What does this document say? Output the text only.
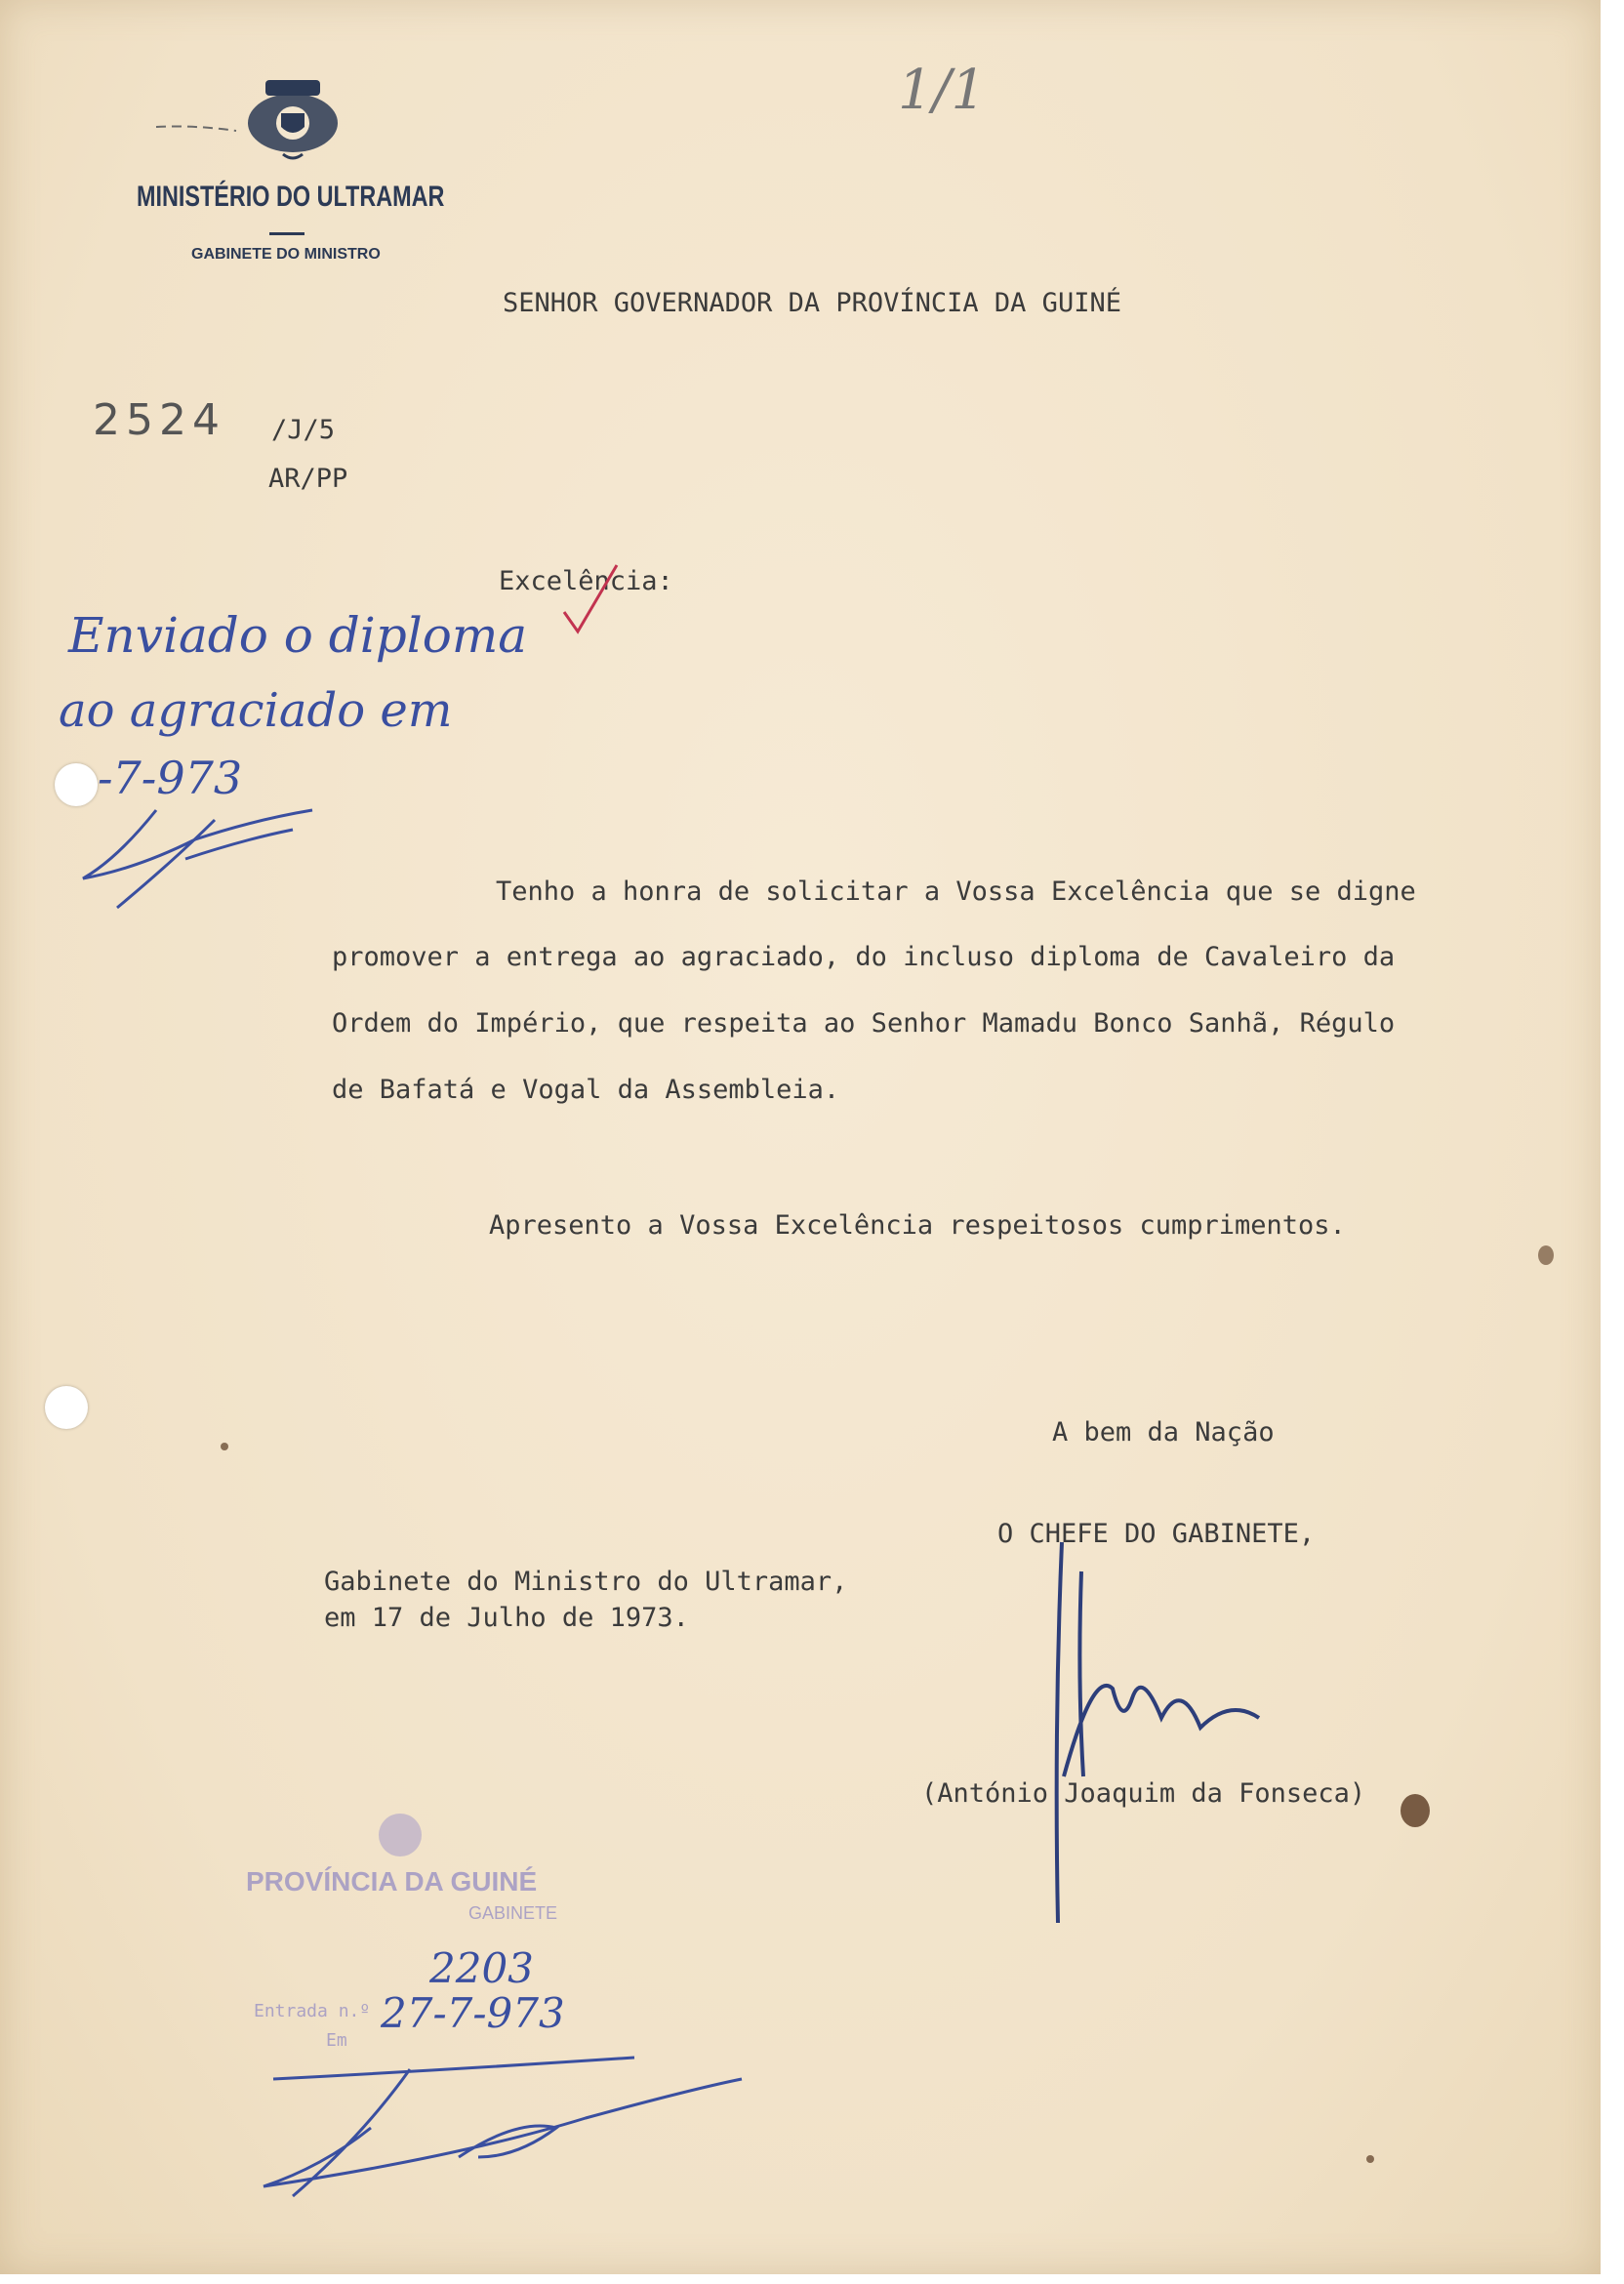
MINISTÉRIO DO ULTRAMAR
GABINETE DO MINISTRO
1/1
SENHOR GOVERNADOR DA PROVÍNCIA DA GUINÉ
2524 /J/5
AR/PP
Excelência:
Enviado o diploma
ao agraciado em
-7-973
Tenho a honra de solicitar a Vossa Excelência que se digne
promover a entrega ao agraciado, do incluso diploma de Cavaleiro da
Ordem do Império, que respeita ao Senhor Mamadu Bonco Sanhã, Régulo
de Bafatá e Vogal da Assembleia.
Apresento a Vossa Excelência respeitosos cumprimentos.
A bem da Nação
O CHEFE DO GABINETE,
Gabinete do Ministro do Ultramar,
em 17 de Julho de 1973.
(António Joaquim da Fonseca)
PROVÍNCIA DA GUINÉ
GABINETE
Entrada n.º
2203
Em
27-7-973
